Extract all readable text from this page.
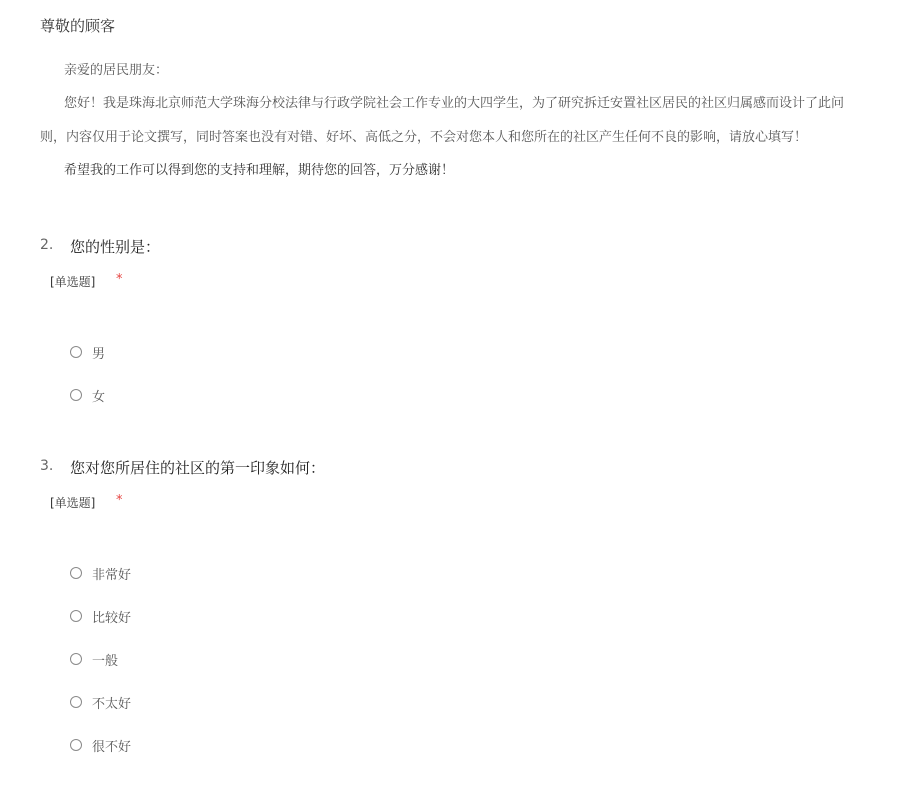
尊敬的顾客
亲爱的居民朋友：
您好！我是珠海北京师范大学珠海分校法律与行政学院社会工作专业的大四学生，为了研究拆迁安置社区居民的社区归属感而设计了此问
则，内容仅用于论文撰写，同时答案也没有对错、好坏、高低之分，不会对您本人和您所在的社区产生任何不良的影响，请放心填写！
希望我的工作可以得到您的支持和理解，期待您的回答，万分感谢！
2. 您的性别是：
[单选题] *
男
女
3. 您对您所居住的社区的第一印象如何：
[单选题] *
非常好
比较好
一般
不太好
很不好
